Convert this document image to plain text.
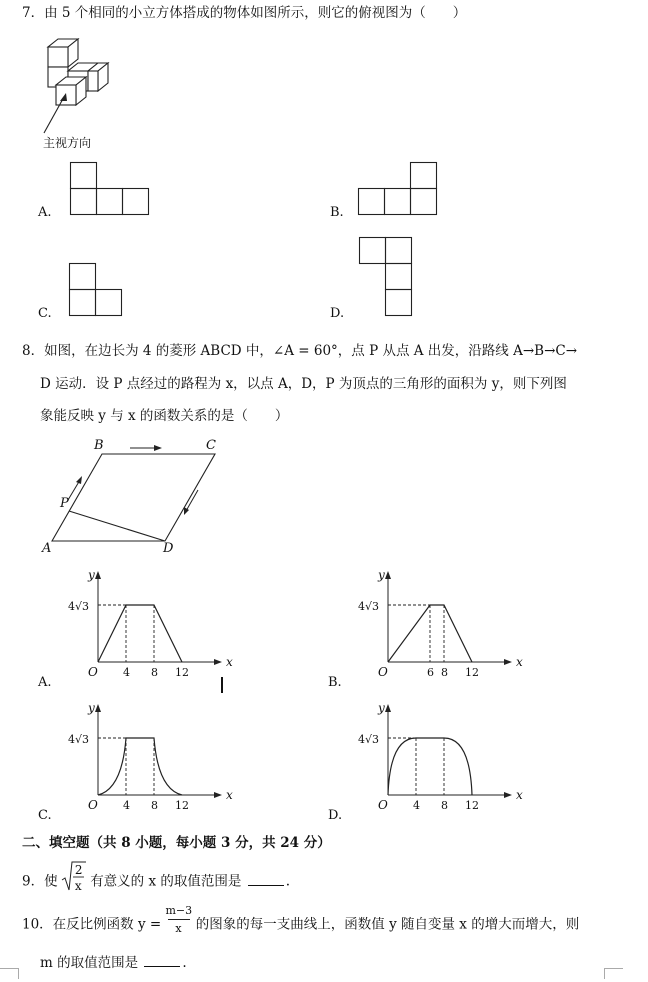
7．由 5 个相同的小立方体搭成的物体如图所示，则它的俯视图为（　　）
主视方向
A.	B.
C.	D.
8．如图，在边长为 4 的菱形 ABCD 中，∠A = 60°，点 P 从点 A 出发，沿路线 A→B→C→
D 运动．设 P 点经过的路程为 x，以点 A，D，P 为顶点的三角形的面积为 y，则下列图
象能反映 y 与 x 的函数关系的是（　　）
B	C
P
A	D
A.
y
x
O
4√3
4 8 12
B.
y
x
O
4√3
6 8 12
C.
y
x
O
4√3
4 8 12
D.
y
x
O
4√3
4 8 12
二、填空题（共 8 小题，每小题 3 分，共 24 分）
9．使
2
x 有意义的 x 的取值范围是	.
10．在反比例函数 $y = \frac{m-3}{x}$ 的图象的每一支曲线上，函数值 y 随自变量 x 的增大而增大，则
m 的取值范围是	.
